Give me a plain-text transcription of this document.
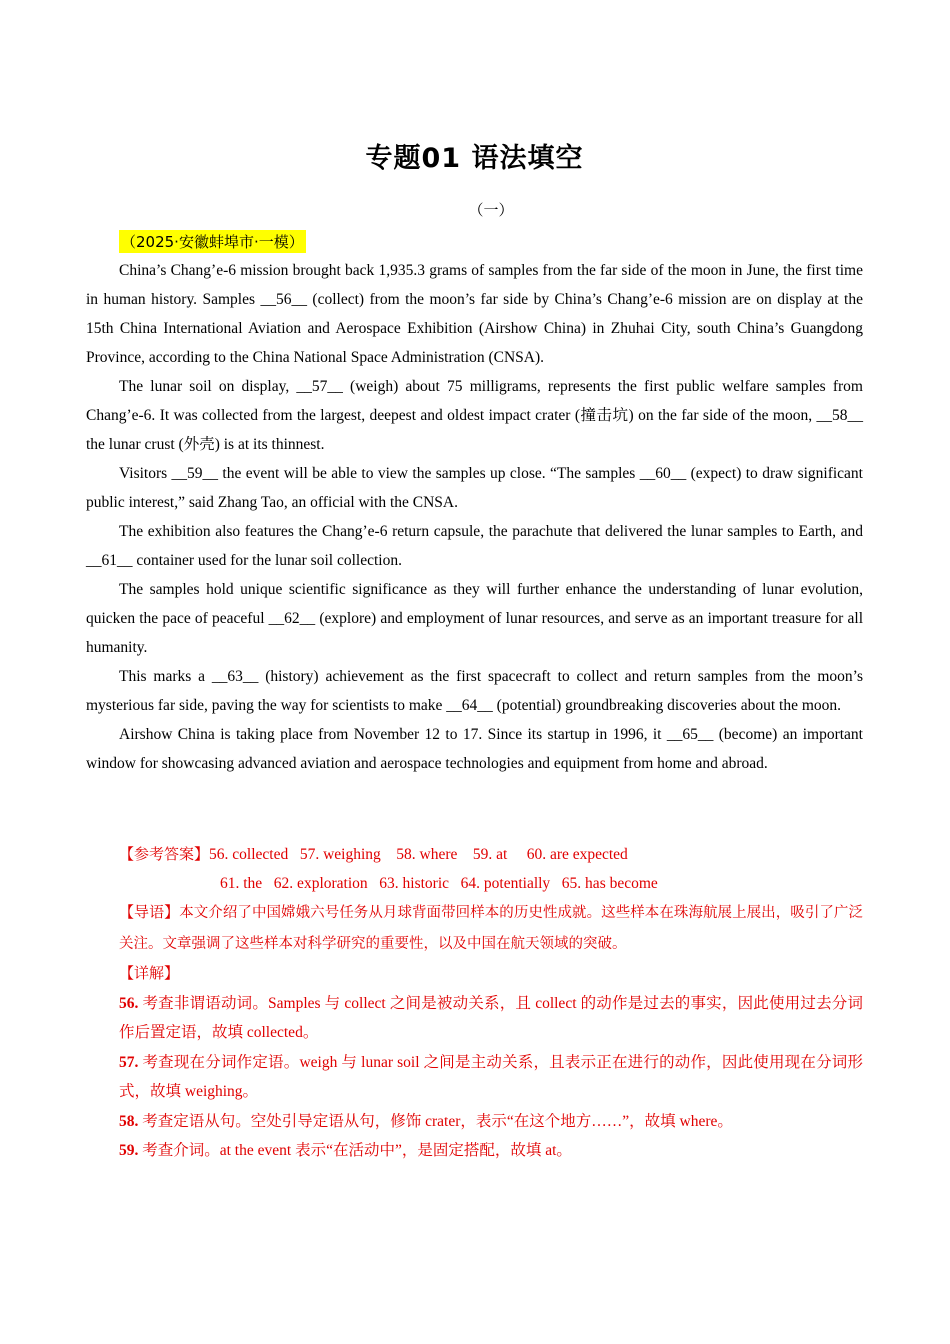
专题01 语法填空
（一）
（2025·安徽蚌埠市·一模）

China’s Chang’e-6 mission brought back 1,935.3 grams of samples from the far side of the moon in June, the first time in human history. Samples __56__ (collect) from the moon’s far side by China’s Chang’e-6 mission are on display at the 15th China International Aviation and Aerospace Exhibition (Airshow China) in Zhuhai City, south China’s Guangdong Province, according to the China National Space Administration (CNSA).

The lunar soil on display, __57__ (weigh) about 75 milligrams, represents the first public welfare samples from Chang’e-6. It was collected from the largest, deepest and oldest impact crater (撞击坑) on the far side of the moon, __58__ the lunar crust (外壳) is at its thinnest.

Visitors __59__ the event will be able to view the samples up close. “The samples __60__ (expect) to draw significant public interest,” said Zhang Tao, an official with the CNSA.

The exhibition also features the Chang’e-6 return capsule, the parachute that delivered the lunar samples to Earth, and __61__ container used for the lunar soil collection.

The samples hold unique scientific significance as they will further enhance the understanding of lunar evolution, quicken the pace of peaceful __62__ (explore) and employment of lunar resources, and serve as an important treasure for all humanity.

This marks a __63__ (history) achievement as the first spacecraft to collect and return samples from the moon’s mysterious far side, paving the way for scientists to make __64__ (potential) groundbreaking discoveries about the moon.

Airshow China is taking place from November 12 to 17. Since its startup in 1996, it __65__ (become) an important window for showcasing advanced aviation and aerospace technologies and equipment from home and abroad.

【参考答案】56. collected   57. weighing    58. where    59. at     60. are expected
61. the   62. exploration   63. historic   64. potentially   65. has become

【导语】本文介绍了中国嫦娥六号任务从月球背面带回样本的历史性成就。这些样本在珠海航展上展出，吸引了广泛关注。文章强调了这些样本对科学研究的重要性，以及中国在航天领域的突破。

【详解】

56. 考查非谓语动词。Samples 与 collect 之间是被动关系，且 collect 的动作是过去的事实，因此使用过去分词作后置定语，故填 collected。

57. 考查现在分词作定语。weigh 与 lunar soil 之间是主动关系，且表示正在进行的动作，因此使用现在分词形式，故填 weighing。

58. 考查定语从句。空处引导定语从句，修饰 crater，表示“在这个地方……”，故填 where。

59. 考查介词。at the event 表示“在活动中”，是固定搭配，故填 at。
